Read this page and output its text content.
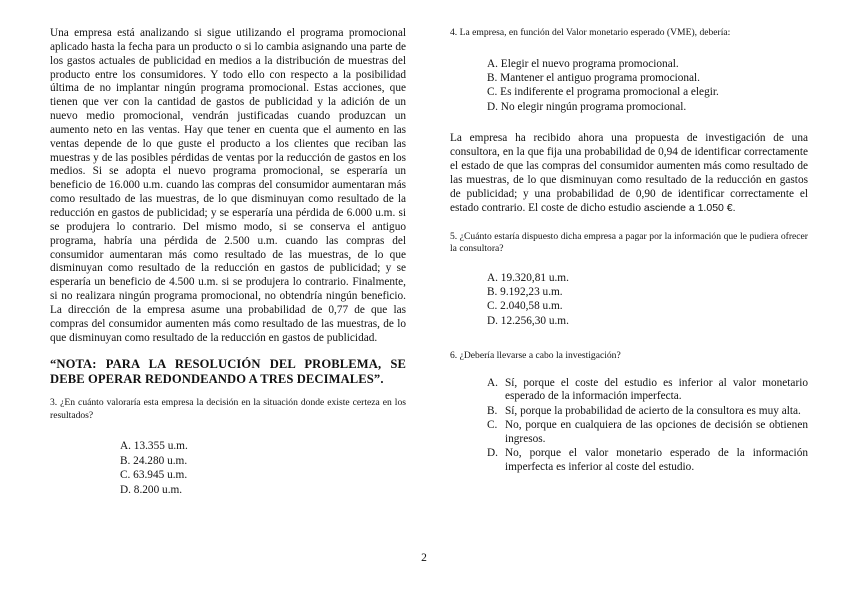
Una empresa está analizando si sigue utilizando el programa promocional aplicado hasta la fecha para un producto o si lo cambia asignando una parte de los gastos actuales de publicidad en medios a la distribución de muestras del producto entre los consumidores. Y todo ello con respecto a la posibilidad última de no implantar ningún programa promocional. Estas acciones, que tienen que ver con la cantidad de gastos de publicidad y la adición de un nuevo medio promocional, vendrán justificadas cuando produzcan un aumento neto en las ventas. Hay que tener en cuenta que el aumento en las ventas depende de lo que guste el producto a los clientes que reciban las muestras y de las posibles pérdidas de ventas por la reducción de gastos en los medios. Si se adopta el nuevo programa promocional, se esperaría un beneficio de 16.000 u.m. cuando las compras del consumidor aumentaran más como resultado de las muestras, de lo que disminuyan como resultado de la reducción en gastos de publicidad; y se esperaría una pérdida de 6.000 u.m. si se produjera lo contrario. Del mismo modo, si se conserva el antiguo programa, habría una pérdida de 2.500 u.m. cuando las compras del consumidor aumentaran más como resultado de las muestras, de lo que disminuyan como resultado de la reducción en gastos de publicidad; y se esperaría un beneficio de 4.500 u.m. si se produjera lo contrario. Finalmente, si no realizara ningún programa promocional, no obtendría ningún beneficio. La dirección de la empresa asume una probabilidad de 0,77 de que las compras del consumidor aumenten más como resultado de las muestras, de lo que disminuyan como resultado de la reducción en gastos de publicidad.

“NOTA: PARA LA RESOLUCIÓN DEL PROBLEMA, SE DEBE OPERAR REDONDEANDO A TRES DECIMALES”.

3. ¿En cuánto valoraría esta empresa la decisión en la situación donde existe certeza en los resultados?

A. 13.355 u.m.
B. 24.280 u.m.
C. 63.945 u.m.
D. 8.200 u.m.

4. La empresa, en función del Valor monetario esperado (VME), debería:

A. Elegir el nuevo programa promocional.
B. Mantener el antiguo programa promocional.
C. Es indiferente el programa promocional a elegir.
D. No elegir ningún programa promocional.

La empresa ha recibido ahora una propuesta de investigación de una consultora, en la que fija una probabilidad de 0,94 de identificar correctamente el estado de que las compras del consumidor aumenten más como resultado de las muestras, de lo que disminuyan como resultado de la reducción en gastos de publicidad; y una probabilidad de 0,90 de identificar correctamente el estado contrario. El coste de dicho estudio asciende a 1.050 €.

5. ¿Cuánto estaría dispuesto dicha empresa a pagar por la información que le pudiera ofrecer la consultora?

A. 19.320,81 u.m.
B. 9.192,23 u.m.
C. 2.040,58 u.m.
D. 12.256,30 u.m.

6. ¿Debería llevarse a cabo la investigación?

A. Sí, porque el coste del estudio es inferior al valor monetario esperado de la información imperfecta.
B. Sí, porque la probabilidad de acierto de la consultora es muy alta.
C. No, porque en cualquiera de las opciones de decisión se obtienen ingresos.
D. No, porque el valor monetario esperado de la información imperfecta es inferior al coste del estudio.
2
